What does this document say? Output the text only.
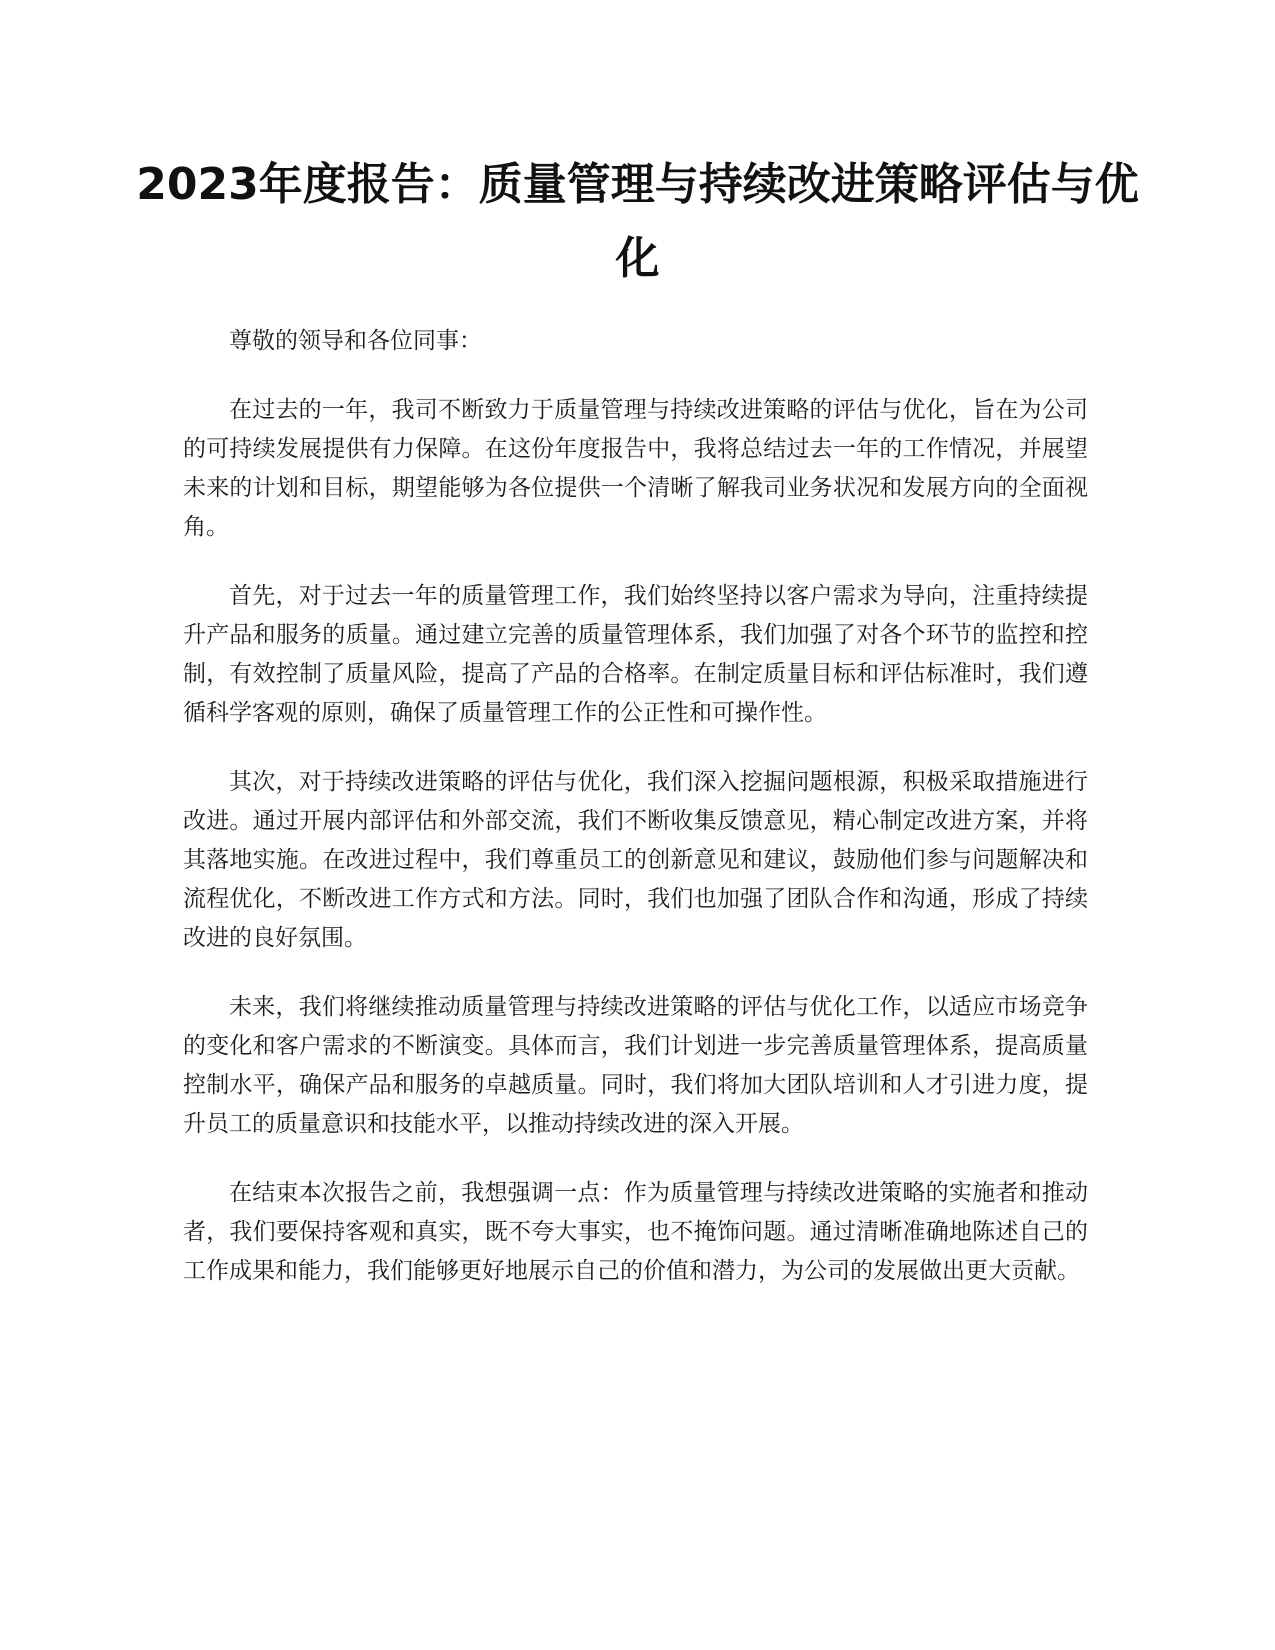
2023年度报告：质量管理与持续改进策略评估与优化

尊敬的领导和各位同事：

在过去的一年，我司不断致力于质量管理与持续改进策略的评估与优化，旨在为公司的可持续发展提供有力保障。在这份年度报告中，我将总结过去一年的工作情况，并展望未来的计划和目标，期望能够为各位提供一个清晰了解我司业务状况和发展方向的全面视角。

首先，对于过去一年的质量管理工作，我们始终坚持以客户需求为导向，注重持续提升产品和服务的质量。通过建立完善的质量管理体系，我们加强了对各个环节的监控和控制，有效控制了质量风险，提高了产品的合格率。在制定质量目标和评估标准时，我们遵循科学客观的原则，确保了质量管理工作的公正性和可操作性。

其次，对于持续改进策略的评估与优化，我们深入挖掘问题根源，积极采取措施进行改进。通过开展内部评估和外部交流，我们不断收集反馈意见，精心制定改进方案，并将其落地实施。在改进过程中，我们尊重员工的创新意见和建议，鼓励他们参与问题解决和流程优化，不断改进工作方式和方法。同时，我们也加强了团队合作和沟通，形成了持续改进的良好氛围。

未来，我们将继续推动质量管理与持续改进策略的评估与优化工作，以适应市场竞争的变化和客户需求的不断演变。具体而言，我们计划进一步完善质量管理体系，提高质量控制水平，确保产品和服务的卓越质量。同时，我们将加大团队培训和人才引进力度，提升员工的质量意识和技能水平，以推动持续改进的深入开展。

在结束本次报告之前，我想强调一点：作为质量管理与持续改进策略的实施者和推动者，我们要保持客观和真实，既不夸大事实，也不掩饰问题。通过清晰准确地陈述自己的工作成果和能力，我们能够更好地展示自己的价值和潜力，为公司的发展做出更大贡献。
